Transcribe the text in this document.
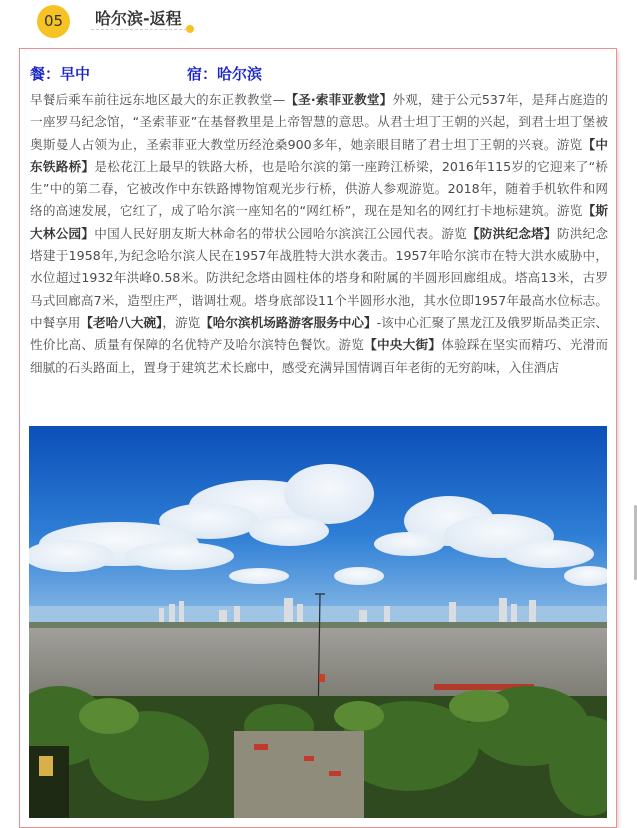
05	哈尔滨-返程
餐：早中	宿：哈尔滨
早餐后乘车前往远东地区最大的东正教教堂—【圣·索菲亚教堂】外观，建于公元537年，是拜占庭造的一座罗马纪念馆，“圣索菲亚”在基督教里是上帝智慧的意思。从君士坦丁王朝的兴起，到君士坦丁堡被奥斯曼人占领为止，圣索菲亚大教堂历经沧桑900多年，她亲眼目睹了君士坦丁王朝的兴衰。游览【中东铁路桥】是松花江上最早的铁路大桥，也是哈尔滨的第一座跨江桥梁，2016年115岁的它迎来了“桥生”中的第二春，它被改作中东铁路博物馆观光步行桥，供游人参观游览。2018年，随着手机软件和网络的高速发展，它红了，成了哈尔滨一座知名的“网红桥”，现在是知名的网红打卡地标建筑。游览【斯大林公园】中国人民好朋友斯大林命名的带状公园哈尔滨滨江公园代表。游览【防洪纪念塔】防洪纪念塔建于1958年,为纪念哈尔滨人民在1957年战胜特大洪水袭击。1957年哈尔滨市在特大洪水威胁中，水位超过1932年洪峰0.58米。防洪纪念塔由圆柱体的塔身和附属的半圆形回廊组成。塔高13米，古罗马式回廊高7米，造型庄严，谐调壮观。塔身底部设11个半圆形水池，其水位即1957年最高水位标志。中餐享用【老哈八大碗】，游览【哈尔滨机场路游客服务中心】-该中心汇聚了黑龙江及俄罗斯品类正宗、性价比高、质量有保障的名优特产及哈尔滨特色餐饮。游览【中央大街】体验踩在坚实而精巧、光滑而细腻的石头路面上，置身于建筑艺术长廊中，感受充满异国情调百年老街的无穷韵味，入住酒店
